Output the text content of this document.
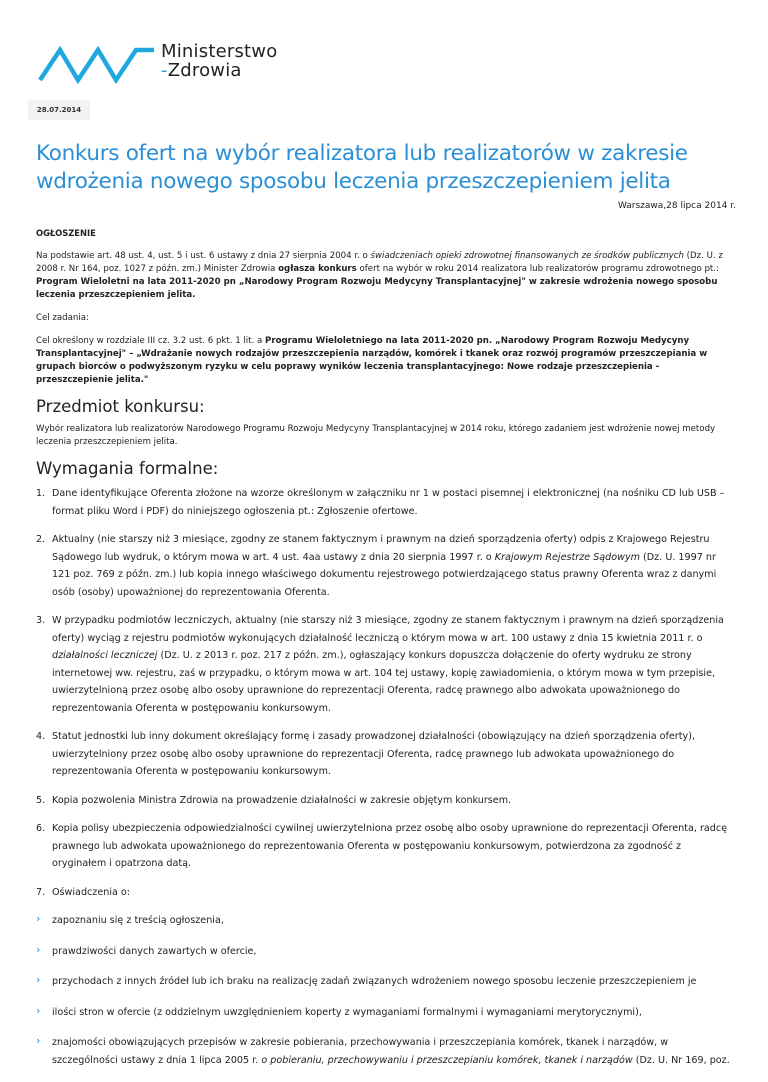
Ministerstwo
-Zdrowia
28.07.2014
Konkurs ofert na wybór realizatora lub realizatorów w zakresie wdrożenia nowego sposobu leczenia przeszczepieniem jelita
Warszawa,28 lipca 2014 r.
OGŁOSZENIE
Na podstawie art. 48 ust. 4, ust. 5 i ust. 6 ustawy z dnia 27 sierpnia 2004 r. o świadczeniach opieki zdrowotnej finansowanych ze środków publicznych (Dz. U. z 2008 r. Nr 164, poz. 1027 z późn. zm.) Minister Zdrowia ogłasza konkurs ofert na wybór w roku 2014 realizatora lub realizatorów programu zdrowotnego pt.: Program Wieloletni na lata 2011-2020 pn „Narodowy Program Rozwoju Medycyny Transplantacyjnej" w zakresie wdrożenia nowego sposobu leczenia przeszczepieniem jelita.
Cel zadania:
Cel określony w rozdziale III cz. 3.2 ust. 6 pkt. 1 lit. a Programu Wieloletniego na lata 2011-2020 pn. „Narodowy Program Rozwoju Medycyny Transplantacyjnej" – „Wdrażanie nowych rodzajów przeszczepienia narządów, komórek i tkanek oraz rozwój programów przeszczepiania w grupach biorców o podwyższonym ryzyku w celu poprawy wyników leczenia transplantacyjnego: Nowe rodzaje przeszczepienia -przeszczepienie jelita."
Przedmiot konkursu:
Wybór realizatora lub realizatorów Narodowego Programu Rozwoju Medycyny Transplantacyjnej w 2014 roku, którego zadaniem jest wdrożenie nowej metody leczenia przeszczepieniem jelita.
Wymagania formalne:
1. Dane identyfikujące Oferenta złożone na wzorze określonym w załączniku nr 1 w postaci pisemnej i elektronicznej (na nośniku CD lub USB – format pliku Word i PDF) do niniejszego ogłoszenia pt.: Zgłoszenie ofertowe.
2. Aktualny (nie starszy niż 3 miesiące, zgodny ze stanem faktycznym i prawnym na dzień sporządzenia oferty) odpis z Krajowego Rejestru Sądowego lub wydruk, o którym mowa w art. 4 ust. 4aa ustawy z dnia 20 sierpnia 1997 r. o Krajowym Rejestrze Sądowym (Dz. U. 1997 nr 121 poz. 769 z późn. zm.) lub kopia innego właściwego dokumentu rejestrowego potwierdzającego status prawny Oferenta wraz z danymi osób (osoby) upoważnionej do reprezentowania Oferenta.
3. W przypadku podmiotów leczniczych, aktualny (nie starszy niż 3 miesiące, zgodny ze stanem faktycznym i prawnym na dzień sporządzenia oferty) wyciąg z rejestru podmiotów wykonujących działalność leczniczą o którym mowa w art. 100 ustawy z dnia 15 kwietnia 2011 r. o działalności leczniczej (Dz. U. z 2013 r. poz. 217 z późn. zm.), ogłaszający konkurs dopuszcza dołączenie do oferty wydruku ze strony internetowej ww. rejestru, zaś w przypadku, o którym mowa w art. 104 tej ustawy, kopię zawiadomienia, o którym mowa w tym przepisie, uwierzytelnioną przez osobę albo osoby uprawnione do reprezentacji Oferenta, radcę prawnego albo adwokata upoważnionego do reprezentowania Oferenta w postępowaniu konkursowym.
4. Statut jednostki lub inny dokument określający formę i zasady prowadzonej działalności (obowiązujący na dzień sporządzenia oferty), uwierzytelniony przez osobę albo osoby uprawnione do reprezentacji Oferenta, radcę prawnego lub adwokata upoważnionego do reprezentowania Oferenta w postępowaniu konkursowym.
5. Kopia pozwolenia Ministra Zdrowia na prowadzenie działalności w zakresie objętym konkursem.
6. Kopia polisy ubezpieczenia odpowiedzialności cywilnej uwierzytelniona przez osobę albo osoby uprawnione do reprezentacji Oferenta, radcę prawnego lub adwokata upoważnionego do reprezentowania Oferenta w postępowaniu konkursowym, potwierdzona za zgodność z oryginałem i opatrzona datą.
7. Oświadczenia o:
› zapoznaniu się z treścią ogłoszenia,
› prawdziwości danych zawartych w ofercie,
› przychodach z innych źródeł lub ich braku na realizację zadań związanych wdrożeniem nowego sposobu leczenie przeszczepieniem je
› ilości stron w ofercie (z oddzielnym uwzględnieniem koperty z wymaganiami formalnymi i wymaganiami merytorycznymi),
› znajomości obowiązujących przepisów w zakresie pobierania, przechowywania i przeszczepiania komórek, tkanek i narządów, w szczególności ustawy z dnia 1 lipca 2005 r. o pobieraniu, przechowywaniu i przeszczepianiu komórek, tkanek i narządów (Dz. U. Nr 169, poz.
